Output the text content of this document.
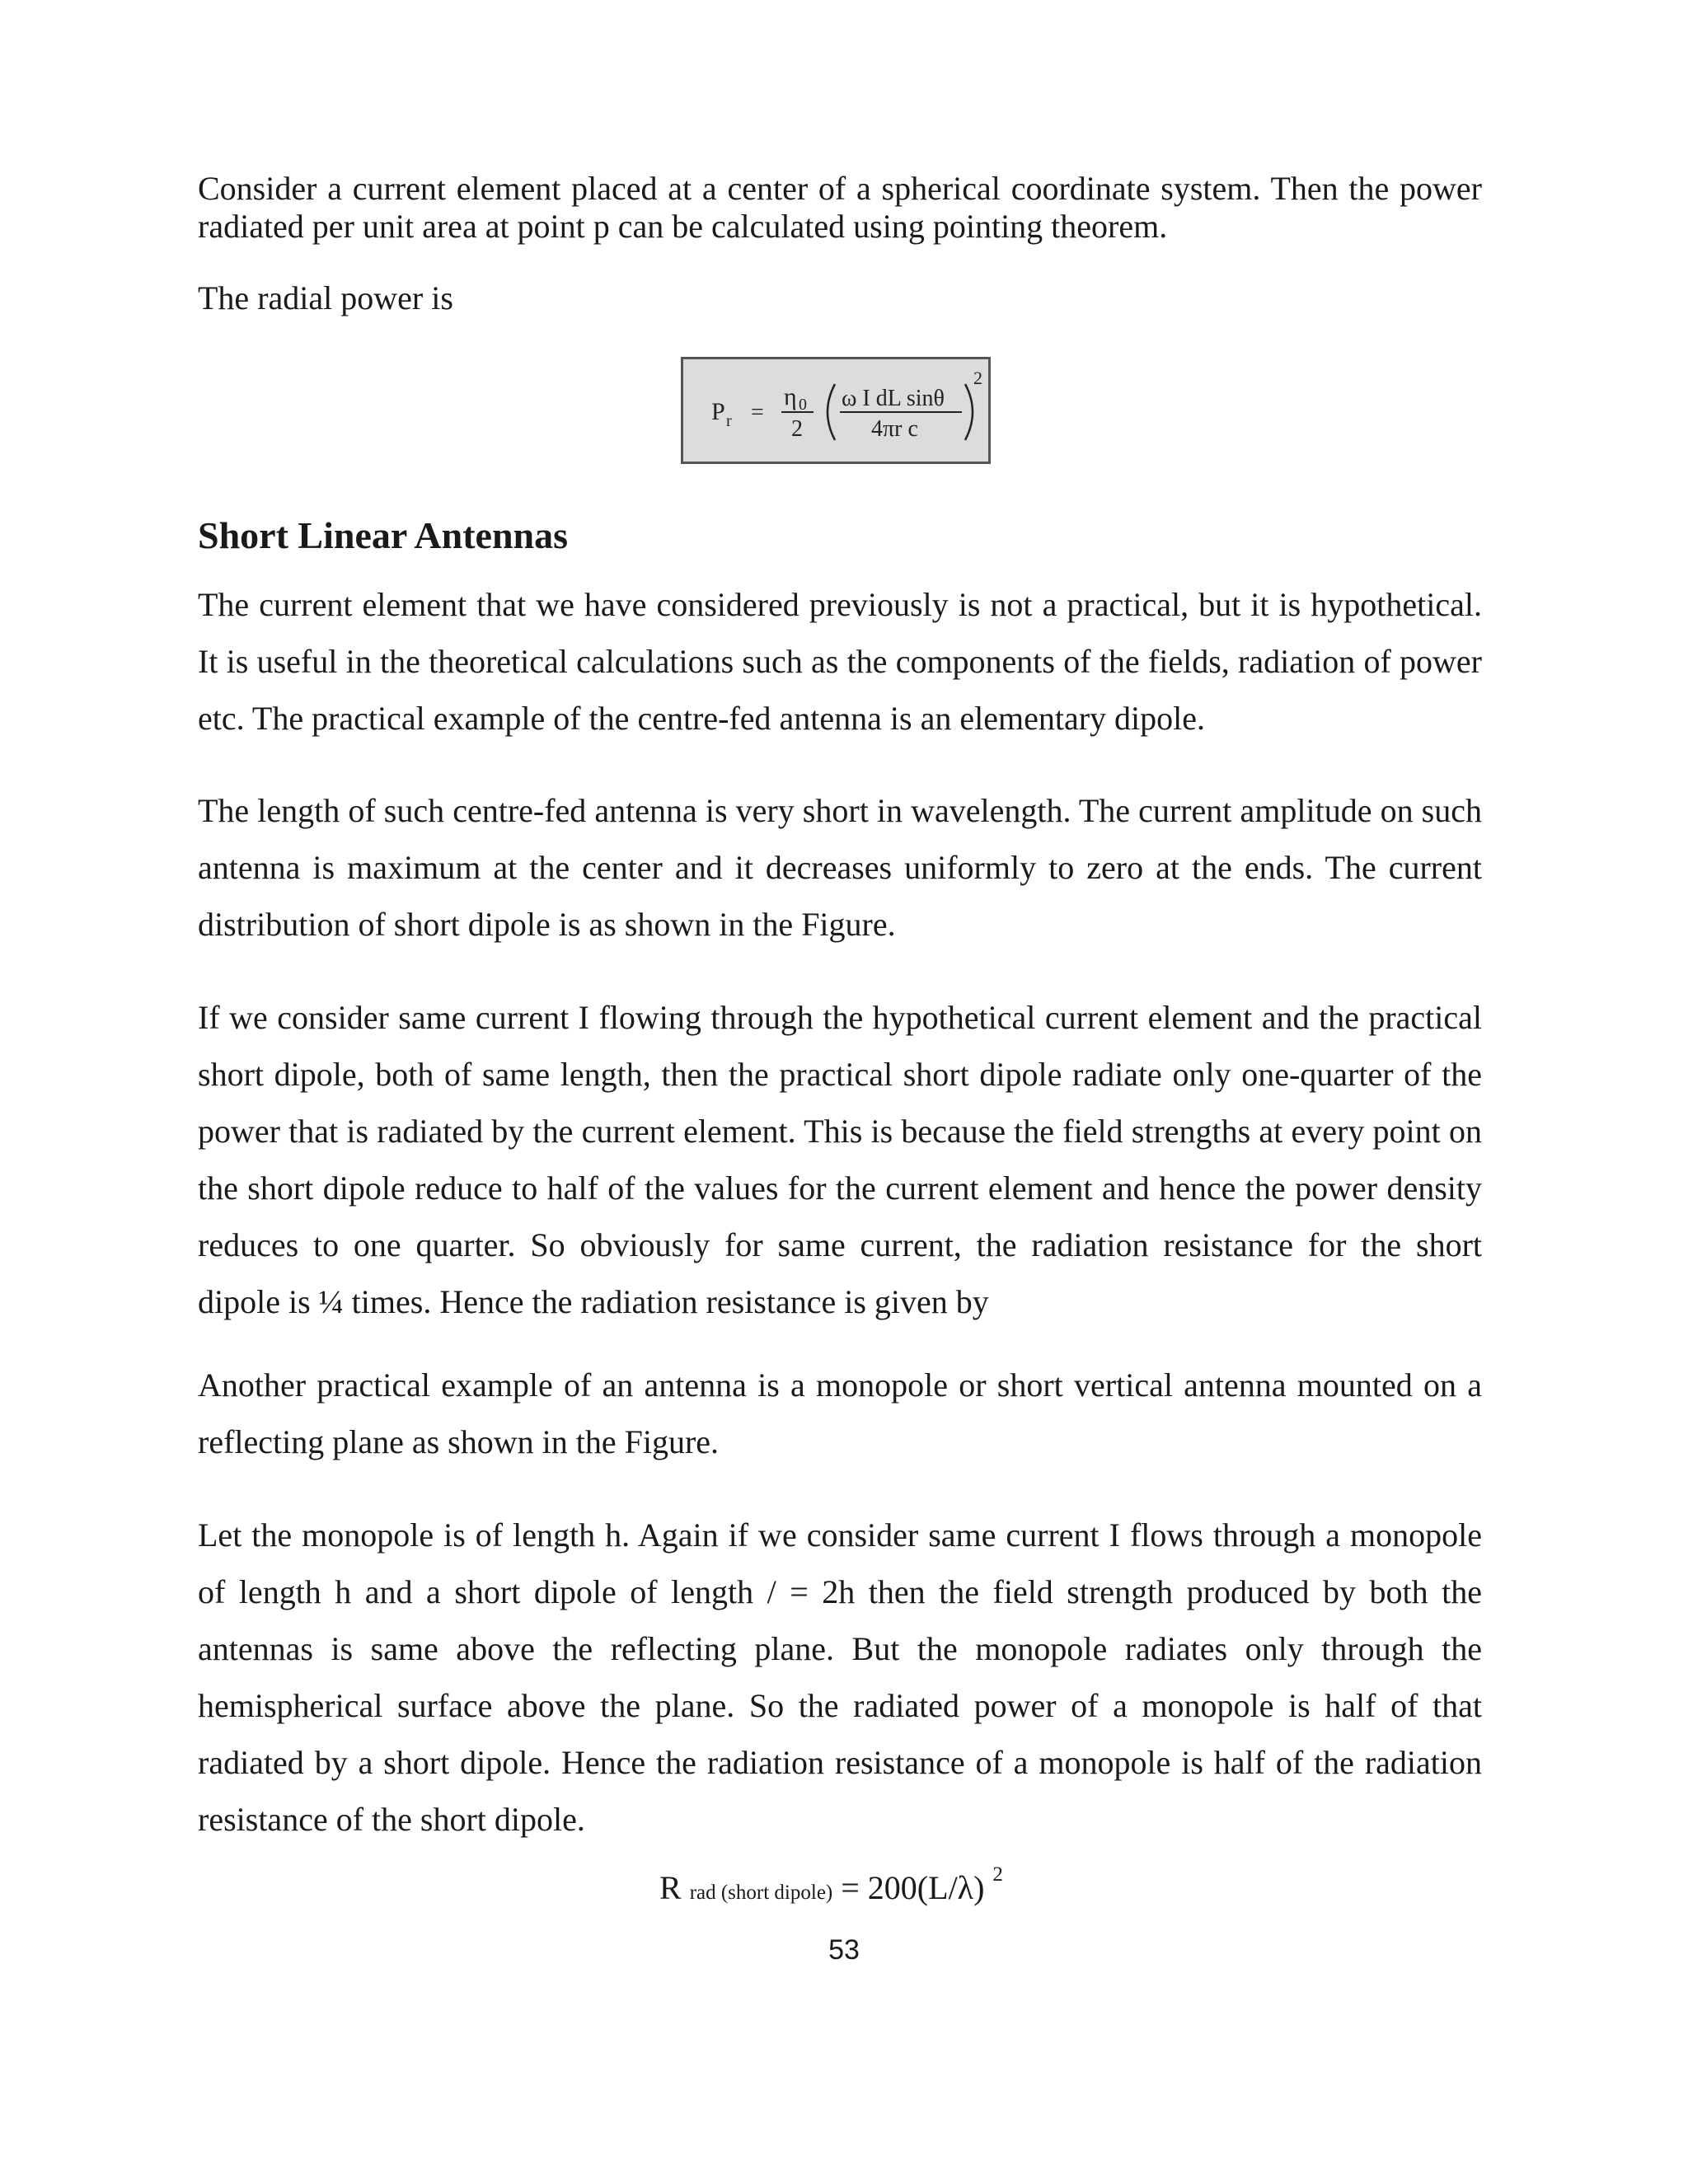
Consider a current element placed at a center of a spherical coordinate system. Then the power radiated per unit area at point p can be calculated using pointing theorem.

The radial power is

P r =
η 0
2
ω I dL sinθ
4πr c
2
Short Linear Antennas

The current element that we have considered previously is not a practical, but it is hypothetical. It is useful in the theoretical calculations such as the components of the fields, radiation of power etc. The practical example of the centre-fed antenna is an elementary dipole.

The length of such centre-fed antenna is very short in wavelength. The current amplitude on such antenna is maximum at the center and it decreases uniformly to zero at the ends. The current distribution of short dipole is as shown in the Figure.

If we consider same current I flowing through the hypothetical current element and the practical short dipole, both of same length, then the practical short dipole radiate only one-quarter of the power that is radiated by the current element. This is because the field strengths at every point on the short dipole reduce to half of the values for the current element and hence the power density reduces to one quarter. So obviously for same current, the radiation resistance for the short dipole is ¼ times. Hence the radiation resistance is given by

Another practical example of an antenna is a monopole or short vertical antenna mounted on a reflecting plane as shown in the Figure.

Let the monopole is of length h. Again if we consider same current I flows through a monopole of length h and a short dipole of length / = 2h then the field strength produced by both the antennas is same above the reflecting plane. But the monopole radiates only through the hemispherical surface above the plane. So the radiated power of a monopole is half of that radiated by a short dipole. Hence the radiation resistance of a monopole is half of the radiation resistance of the short dipole.

R rad (short dipole) = 200(L/λ) $^2$
53
